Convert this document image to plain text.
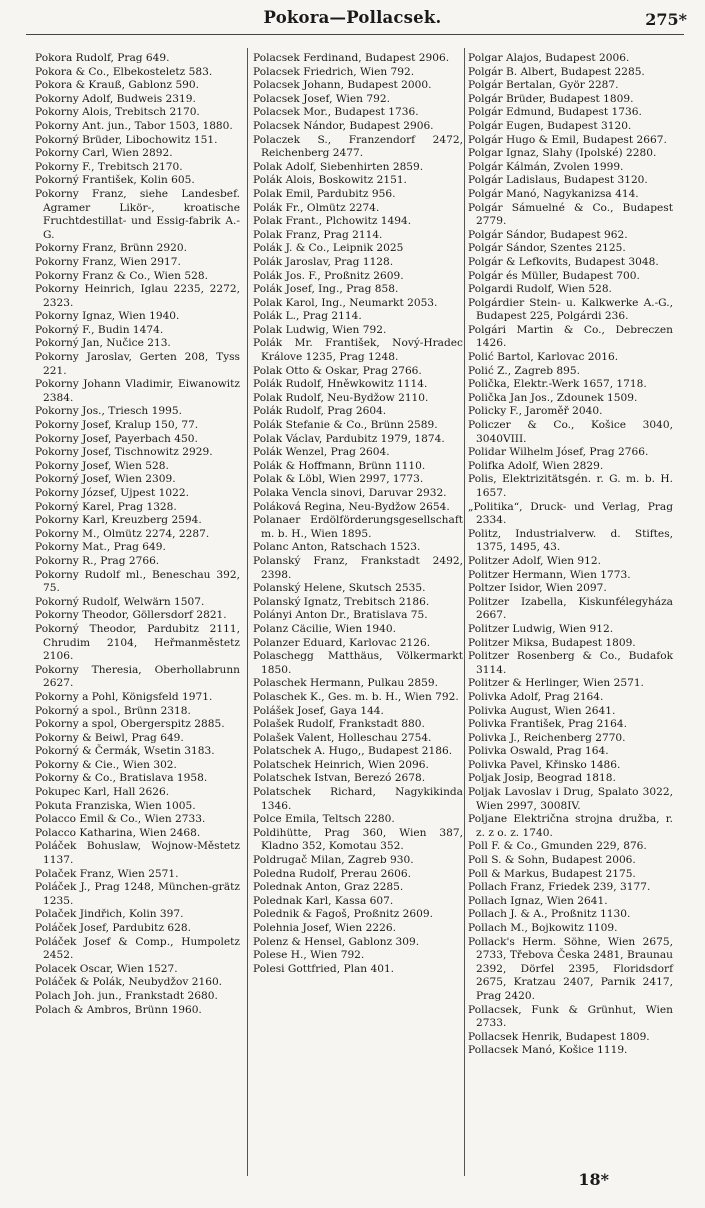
Pokora—Pollacsek.	275*
Pokora Rudolf, Prag 649.
Pokora & Co., Elbekosteletz 583.
Pokora & Krauß, Gablonz 590.
Pokorny Adolf, Budweis 2319.
Pokorny Alois, Trebitsch 2170.
Pokorny Ant. jun., Tabor 1503, 1880.
Pokorný Brüder, Libochowitz 151.
Pokorny Carl, Wien 2892.
Pokorny F., Trebitsch 2170.
Pokorný František, Kolin 605.
Pokorny Franz, siehe Landesbef. Agramer Likör-, kroatische Fruchtdestillat- und Essig-fabrik A.-G.
Pokorny Franz, Brünn 2920.
Pokorny Franz, Wien 2917.
Pokorny Franz & Co., Wien 528.
Pokorny Heinrich, Iglau 2235, 2272, 2323.
Pokorny Ignaz, Wien 1940.
Pokorný F., Budin 1474.
Pokorný Jan, Nučice 213.
Pokorny Jaroslav, Gerten 208, Tyss 221.
Pokorny Johann Vladimir, Eiwanowitz 2384.
Pokorny Jos., Triesch 1995.
Pokorny Josef, Kralup 150, 77.
Pokorny Josef, Payerbach 450.
Pokorny Josef, Tischnowitz 2929.
Pokorny Josef, Wien 528.
Pokorný Josef, Wien 2309.
Pokorny József, Ujpest 1022.
Pokorný Karel, Prag 1328.
Pokorny Karl, Kreuzberg 2594.
Pokorny M., Olmütz 2274, 2287.
Pokorny Mat., Prag 649.
Pokorny R., Prag 2766.
Pokorny Rudolf ml., Beneschau 392, 75.
Pokorný Rudolf, Welwärn 1507.
Pokorny Theodor, Göllersdorf 2821.
Pokorný Theodor, Pardubitz 2111, Chrudim 2104, Heřmanměstetz 2106.
Pokorny Theresia, Oberhollabrunn 2627.
Pokorny a Pohl, Königsfeld 1971.
Pokorný a spol., Brünn 2318.
Pokorny a spol, Obergerspitz 2885.
Pokorny & Beiwl, Prag 649.
Pokorný & Čermák, Wsetin 3183.
Pokorny & Cie., Wien 302.
Pokorny & Co., Bratislava 1958.
Pokupec Karl, Hall 2626.
Pokuta Franziska, Wien 1005.
Polacco Emil & Co., Wien 2733.
Polacco Katharina, Wien 2468.
Poláček Bohuslaw, Wojnow-Městetz 1137.
Polaček Franz, Wien 2571.
Poláček J., Prag 1248, München-grätz 1235.
Polaček Jindřich, Kolin 397.
Poláček Josef, Pardubitz 628.
Poláček Josef & Comp., Humpoletz 2452.
Polacek Oscar, Wien 1527.
Poláček & Polák, Neubydžov 2160.
Polach Joh. jun., Frankstadt 2680.
Polach & Ambros, Brünn 1960.
Polacsek Ferdinand, Budapest 2906.
Polacsek Friedrich, Wien 792.
Polacsek Johann, Budapest 2000.
Polacsek Josef, Wien 792.
Polacsek Mor., Budapest 1736.
Polacsek Nándor, Budapest 2906.
Polaczek S., Franzendorf 2472, Reichenberg 2477.
Polak Adolf, Siebenhirten 2859.
Polák Alois, Boskowitz 2151.
Polak Emil, Pardubitz 956.
Polák Fr., Olmütz 2274.
Polak Frant., Plchowitz 1494.
Polak Franz, Prag 2114.
Polák J. & Co., Leipnik 2025
Polák Jaroslav, Prag 1128.
Polák Jos. F., Proßnitz 2609.
Polák Josef, Ing., Prag 858.
Polak Karol, Ing., Neumarkt 2053.
Polák L., Prag 2114.
Polak Ludwig, Wien 792.
Polák Mr. František, Nový-Hradec Králove 1235, Prag 1248.
Polak Otto & Oskar, Prag 2766.
Polák Rudolf, Hněwkowitz 1114.
Polak Rudolf, Neu-Bydžow 2110.
Polák Rudolf, Prag 2604.
Polák Stefanie & Co., Brünn 2589.
Polak Václav, Pardubitz 1979, 1874.
Polák Wenzel, Prag 2604.
Polák & Hoffmann, Brünn 1110.
Polak & Löbl, Wien 2997, 1773.
Polaka Vencla sinovi, Daruvar 2932.
Poláková Regina, Neu-Bydžow 2654.
Polanaer Erdölförderungsgesellschaft m. b. H., Wien 1895.
Polanc Anton, Ratschach 1523.
Polanský Franz, Frankstadt 2492, 2398.
Polanský Helene, Skutsch 2535.
Polanský Ignatz, Trebitsch 2186.
Polányi Anton Dr., Bratislava 75.
Polanz Cäcilie, Wien 1940.
Polanzer Eduard, Karlovac 2126.
Polaschegg Matthäus, Völkermarkt 1850.
Polaschek Hermann, Pulkau 2859.
Polaschek K., Ges. m. b. H., Wien 792.
Polášek Josef, Gaya 144.
Polašek Rudolf, Frankstadt 880.
Polašek Valent, Holleschau 2754.
Polatschek A. Hugo,, Budapest 2186.
Polatschek Heinrich, Wien 2096.
Polatschek Istvan, Berezó 2678.
Polatschek Richard, Nagykikinda 1346.
Polce Emila, Teltsch 2280.
Poldihütte, Prag 360, Wien 387, Kladno 352, Komotau 352.
Poldrugač Milan, Zagreb 930.
Poledna Rudolf, Prerau 2606.
Polednak Anton, Graz 2285.
Polednak Karl, Kassa 607.
Polednik & Fagoš, Proßnitz 2609.
Polehnia Josef, Wien 2226.
Polenz & Hensel, Gablonz 309.
Polese H., Wien 792.
Polesi Gottfried, Plan 401.
Polgar Alajos, Budapest 2006.
Polgár B. Albert, Budapest 2285.
Polgár Bertalan, Györ 2287.
Polgár Brüder, Budapest 1809.
Polgár Edmund, Budapest 1736.
Polgár Eugen, Budapest 3120.
Polgár Hugo & Emil, Budapest 2667.
Polgar Ignaz, Slahy (Ipolské) 2280.
Polgár Kálmán, Zvolen 1999.
Polgár Ladislaus, Budapest 3120.
Polgár Manó, Nagykanizsa 414.
Polgár Sámuelné & Co., Budapest 2779.
Polgár Sándor, Budapest 962.
Polgár Sándor, Szentes 2125.
Polgár & Lefkovits, Budapest 3048.
Polgár és Müller, Budapest 700.
Polgardi Rudolf, Wien 528.
Polgárdier Stein- u. Kalkwerke A.-G., Budapest 225, Polgárdi 236.
Polgári Martin & Co., Debreczen 1426.
Polić Bartol, Karlovac 2016.
Polić Z., Zagreb 895.
Polička, Elektr.-Werk 1657, 1718.
Polička Jan Jos., Zdounek 1509.
Policky F., Jaroměř 2040.
Policzer & Co., Košice 3040, 3040VIII.
Polidar Wilhelm Jósef, Prag 2766.
Polifka Adolf, Wien 2829.
Polis, Elektrizitätsgén. r. G. m. b. H. 1657.
„Politika“, Druck- und Verlag, Prag 2334.
Politz, Industrialverw. d. Stiftes, 1375, 1495, 43.
Politzer Adolf, Wien 912.
Politzer Hermann, Wien 1773.
Poltzer Isidor, Wien 2097.
Politzer Izabella, Kiskunfélegyháza 2667.
Politzer Ludwig, Wien 912.
Politzer Miksa, Budapest 1809.
Politzer Rosenberg & Co., Budafok 3114.
Politzer & Herlinger, Wien 2571.
Polivka Adolf, Prag 2164.
Polivka August, Wien 2641.
Polivka František, Prag 2164.
Polivka J., Reichenberg 2770.
Polivka Oswald, Prag 164.
Polivka Pavel, Křinsko 1486.
Poljak Josip, Beograd 1818.
Poljak Lavoslav i Drug, Spalato 3022, Wien 2997, 3008IV.
Poljane Električna strojna družba, r. z. z o. z. 1740.
Poll F. & Co., Gmunden 229, 876.
Poll S. & Sohn, Budapest 2006.
Poll & Markus, Budapest 2175.
Pollach Franz, Friedek 239, 3177.
Pollach Ignaz, Wien 2641.
Pollach J. & A., Proßnitz 1130.
Pollach M., Bojkowitz 1109.
Pollack's Herm. Söhne, Wien 2675, 2733, Třebova Česka 2481, Braunau 2392, Dörfel 2395, Floridsdorf 2675, Kratzau 2407, Parnik 2417, Prag 2420.
Pollacsek, Funk & Grünhut, Wien 2733.
Pollacsek Henrik, Budapest 1809.
Pollacsek Manó, Košice 1119.
18*
